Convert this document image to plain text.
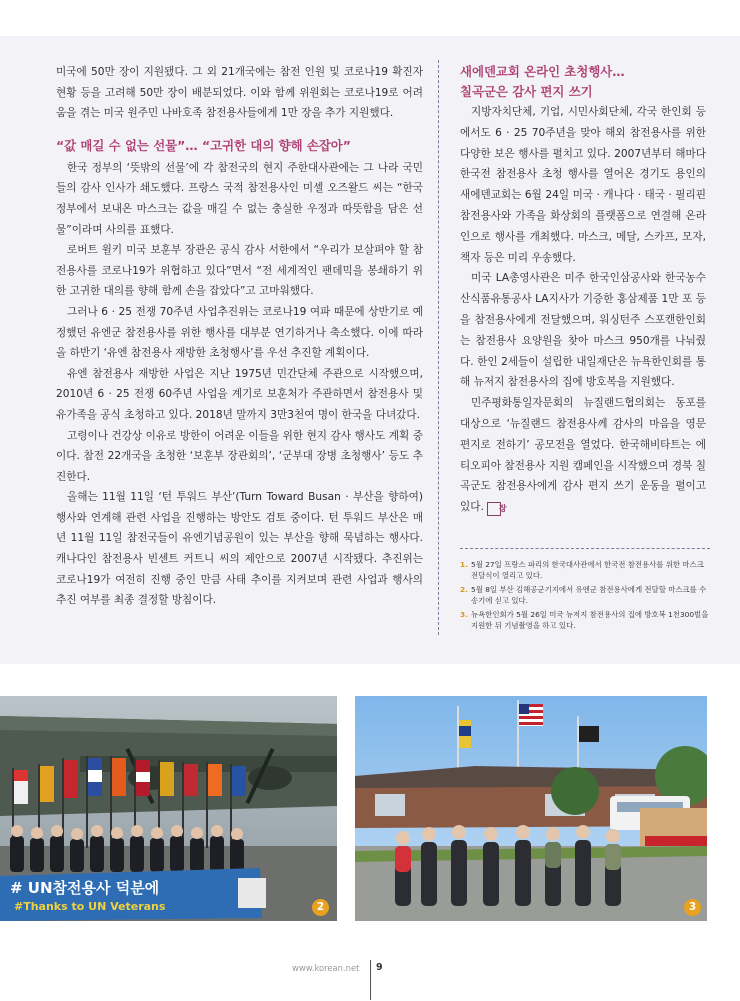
미국에 50만 장이 지원됐다. 그 외 21개국에는 참전 인원 및 코로나19 확진자 현황 등을 고려해 50만 장이 배분되었다. 이와 함께 위원회는 코로나19로 어려움을 겪는 미국 원주민 나바호족 참전용사들에게 1만 장을 추가 지원했다.

“값 매길 수 없는 선물”… “고귀한 대의 향해 손잡아”

한국 정부의 ‘뜻밖의 선물’에 각 참전국의 현지 주한대사관에는 그 나라 국민들의 감사 인사가 쇄도했다. 프랑스 국적 참전용사인 미셸 오즈왈드 씨는 “한국 정부에서 보내온 마스크는 값을 매길 수 없는 충실한 우정과 따뜻함을 담은 선물”이라며 사의를 표했다.

로버트 윌키 미국 보훈부 장관은 공식 감사 서한에서 “우리가 보살펴야 할 참전용사를 코로나19가 위협하고 있다”면서 “전 세계적인 팬데믹을 봉쇄하기 위한 고귀한 대의를 향해 함께 손을 잡았다”고 고마워했다.

그러나 6 · 25 전쟁 70주년 사업추진위는 코로나19 여파 때문에 상반기로 예정했던 유엔군 참전용사를 위한 행사를 대부분 연기하거나 축소했다. 이에 따라 올 하반기 ‘유엔 참전용사 재방한 초청행사’를 우선 추진할 계획이다.

유엔 참전용사 재방한 사업은 지난 1975년 민간단체 주관으로 시작했으며, 2010년 6 · 25 전쟁 60주년 사업을 계기로 보훈처가 주관하면서 참전용사 및 유가족을 공식 초청하고 있다. 2018년 말까지 3만3천여 명이 한국을 다녀갔다.

고령이나 건강상 이유로 방한이 어려운 이들을 위한 현지 감사 행사도 계획 중이다. 참전 22개국을 초청한 ‘보훈부 장관회의’, ‘군부대 장병 초청행사’ 등도 추진한다.

올해는 11월 11일 ‘턴 투워드 부산’(Turn Toward Busan · 부산을 향하여) 행사와 연계해 관련 사업을 진행하는 방안도 검토 중이다. 턴 투워드 부산은 매년 11월 11일 참전국들이 유엔기념공원이 있는 부산을 향해 묵념하는 행사다. 캐나다인 참전용사 빈센트 커트니 씨의 제안으로 2007년 시작됐다. 추진위는 코로나19가 여전히 진행 중인 만큼 사태 추이를 지켜보며 관련 사업과 행사의 추진 여부를 최종 결정할 방침이다.

새에덴교회 온라인 초청행사…
칠곡군은 감사 편지 쓰기

지방자치단체, 기업, 시민사회단체, 각국 한인회 등에서도 6 · 25 70주년을 맞아 해외 참전용사를 위한 다양한 보은 행사를 펼치고 있다. 2007년부터 해마다 한국전 참전용사 초청 행사를 열어온 경기도 용인의 새에덴교회는 6월 24일 미국 · 캐나다 · 태국 · 필리핀 참전용사와 가족을 화상회의 플랫폼으로 연결해 온라인으로 행사를 개최했다. 마스크, 메달, 스카프, 모자, 책자 등은 미리 우송했다.

미국 LA총영사관은 미주 한국인삼공사와 한국농수산식품유통공사 LA지사가 기증한 홍삼제품 1만 포 등을 참전용사에게 전달했으며, 워싱턴주 스포캔한인회는 참전용사 요양원을 찾아 마스크 950개를 나눠줬다. 한인 2세들이 설립한 내일재단은 뉴욕한인회를 통해 뉴저지 참전용사의 집에 방호복을 지원했다.

민주평화통일자문회의 뉴질랜드협의회는 동포를 대상으로 ‘뉴질랜드 참전용사께 감사의 마음을 영문 편지로 전하기’ 공모전을 열었다. 한국해비타트는 에티오피아 참전용사 지원 캠페인을 시작했으며 경북 칠곡군도 참전용사에게 감사 편지 쓰기 운동을 펼이고 있다. 장

1. 5월 27일 프랑스 파리의 한국대사관에서 한국전 참전용사를 위한 마스크 전달식이 열리고 있다.
2. 5월 8일 부산 김해공군기지에서 유엔군 참전용사에게 전달할 마스크를 수송기에 싣고 있다.
3. 뉴욕한인회가 5월 26일 미국 뉴저지 참전용사의 집에 방호복 1천300벌을 지원한 뒤 기념촬영을 하고 있다.
# UN참전용사 덕분에
#Thanks to UN Veterans	2	3
www.korean.net 9
